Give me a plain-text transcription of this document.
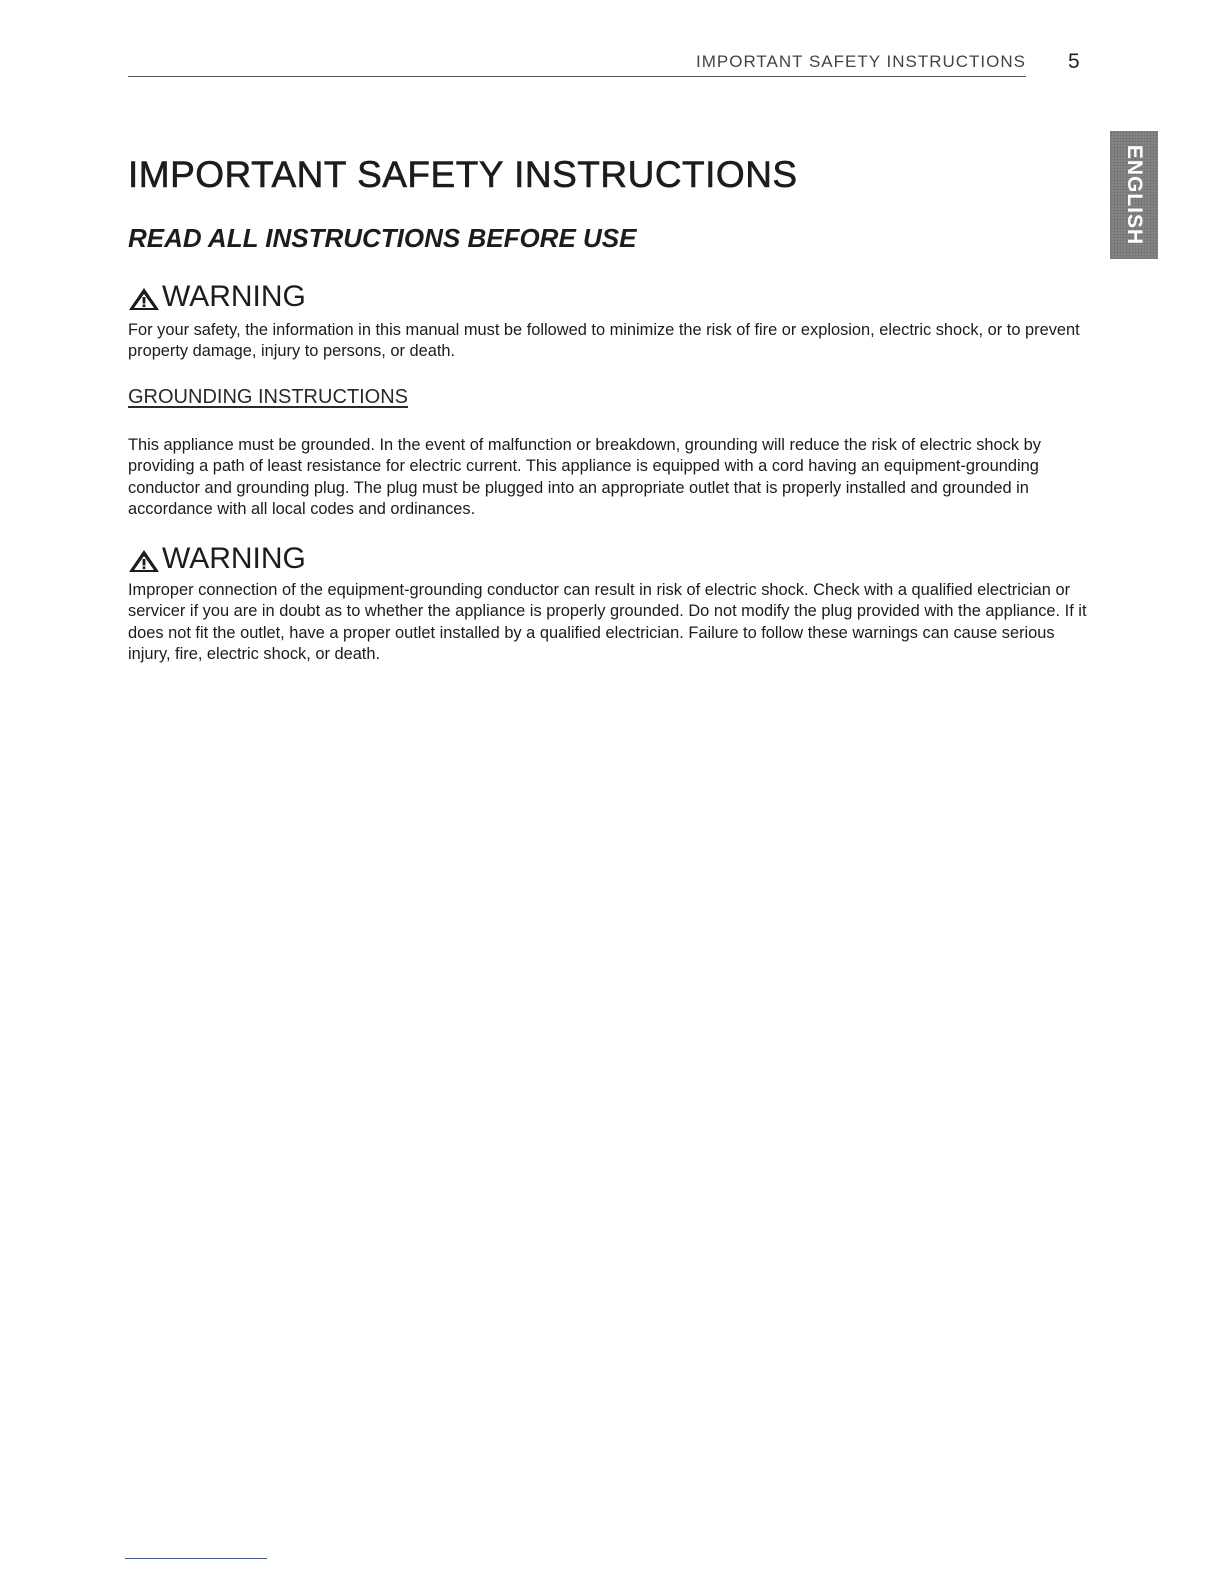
IMPORTANT SAFETY INSTRUCTIONS 5
ENGLISH
IMPORTANT SAFETY INSTRUCTIONS
READ ALL INSTRUCTIONS BEFORE USE
WARNING

For your safety, the information in this manual must be followed to minimize the risk of fire or explosion, electric shock, or to prevent property damage, injury to persons, or death.

GROUNDING INSTRUCTIONS

This appliance must be grounded. In the event of malfunction or breakdown, grounding will reduce the risk of electric shock by providing a path of least resistance for electric current. This appliance is equipped with a cord having an equipment-grounding conductor and grounding plug. The plug must be plugged into an appropriate outlet that is properly installed and grounded in accordance with all local codes and ordinances.

WARNING

Improper connection of the equipment-grounding conductor can result in risk of electric shock. Check with a qualified electrician or servicer if you are in doubt as to whether the appliance is properly grounded. Do not modify the plug provided with the appliance. If it does not fit the outlet, have a proper outlet installed by a qualified electrician. Failure to follow these warnings can cause serious injury, fire, electric shock, or death.
